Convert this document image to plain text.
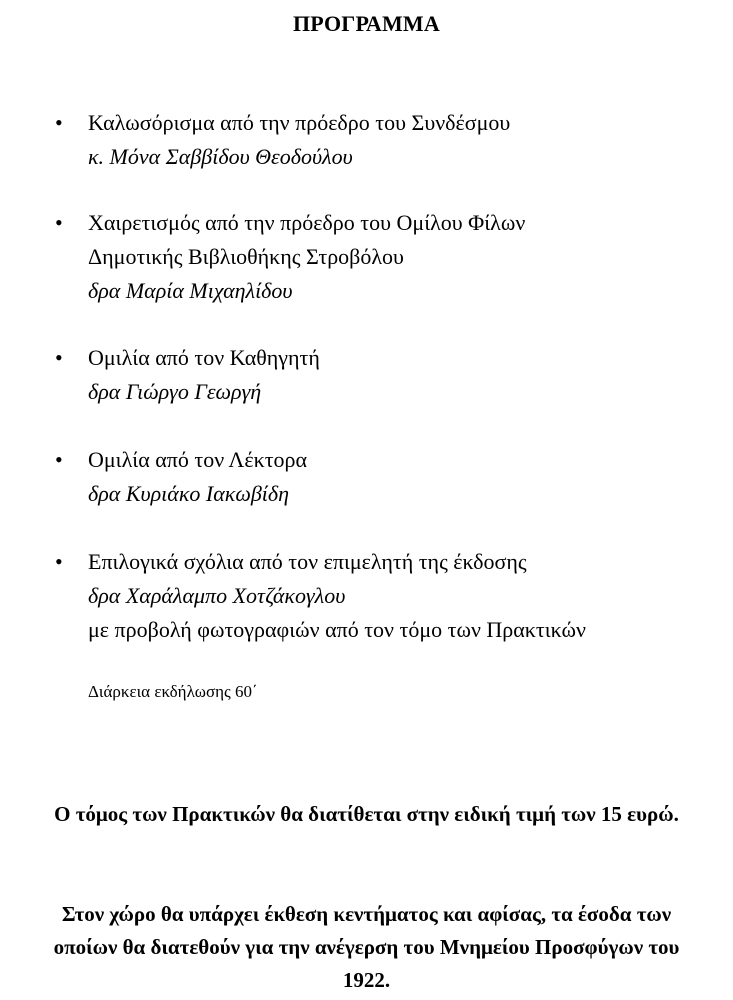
ΠΡΟΓΡΑΜΜΑ
• Καλωσόρισμα από την πρόεδρο του Συνδέσμου
κ. Μόνα Σαββίδου Θεοδούλου
• Χαιρετισμός από την πρόεδρο του Ομίλου Φίλων
Δημοτικής Βιβλιοθήκης Στροβόλου
δρα Μαρία Μιχαηλίδου
• Ομιλία από τον Καθηγητή
δρα Γιώργο Γεωργή
• Ομιλία από τον Λέκτορα
δρα Κυριάκο Ιακωβίδη
• Επιλογικά σχόλια από τον επιμελητή της έκδοσης
δρα Χαράλαμπο Χοτζάκογλου
με προβολή φωτογραφιών από τον τόμο των Πρακτικών
Διάρκεια εκδήλωσης 60΄
Ο τόμος των Πρακτικών θα διατίθεται στην ειδική τιμή των 15 ευρώ.
Στον χώρο θα υπάρχει έκθεση κεντήματος και αφίσας, τα έσοδα των
οποίων θα διατεθούν για την ανέγερση του Μνημείου Προσφύγων του
1922.
